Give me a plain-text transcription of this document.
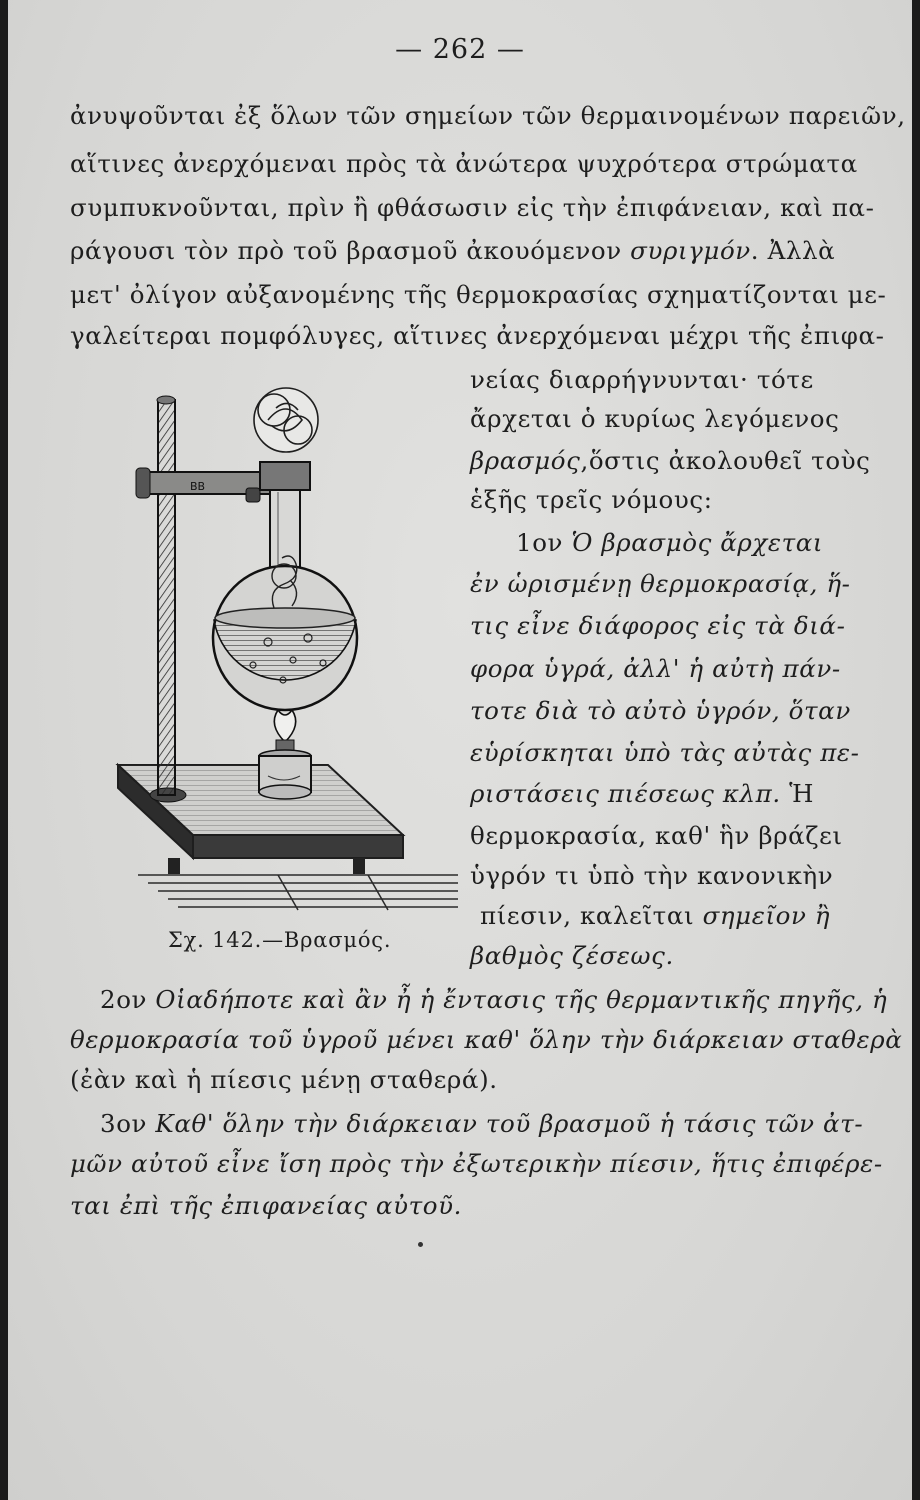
— 262 —
ἀνυψοῦνται ἐξ ὅλων τῶν σημείων τῶν θερμαινομένων παρειῶν,
αἵτινες ἀνερχόμεναι πρὸς τὰ ἀνώτερα ψυχρότερα στρώματα
συμπυκνοῦνται, πρὶν ἢ φθάσωσιν εἰς τὴν ἐπιφάνειαν, καὶ πα-
ράγουσι τὸν πρὸ τοῦ βρασμοῦ ἀκουόμενον συριγμόν. Ἀλλὰ
μετ' ὀλίγον αὐξανομένης τῆς θερμοκρασίας σχηματίζονται με-
γαλείτεραι πομφόλυγες, αἵτινες ἀνερχόμεναι μέχρι τῆς ἐπιφα-
νείας διαρρήγνυνται· τότε
ἄρχεται ὁ κυρίως λεγόμενος
βρασμός,ὅστις ἀκολουθεῖ τοὺς
ἑξῆς τρεῖς νόμους:
1ον Ὁ βρασμὸς ἄρχεται
ἐν ὡρισμένῃ θερμοκρασίᾳ, ἥ-
τις εἶνε διάφορος εἰς τὰ διά-
φορα ὑγρά, ἀλλ' ἡ αὐτὴ πάν-
τοτε διὰ τὸ αὐτὸ ὑγρόν, ὅταν
εὑρίσκηται ὑπὸ τὰς αὐτὰς πε-
ριστάσεις πιέσεως κλπ. Ἡ
θερμοκρασία, καθ' ἣν βράζει
ὑγρόν τι ὑπὸ τὴν κανονικὴν
πίεσιν, καλεῖται σημεῖον ἢ
βαθμὸς ζέσεως.
BB
Σχ. 142.—Βρασμός.
2ον Οἱαδήποτε καὶ ἂν ἦ ἡ ἔντασις τῆς θερμαντικῆς πηγῆς, ἡ
θερμοκρασία τοῦ ὑγροῦ μένει καθ' ὅλην τὴν διάρκειαν σταθερὰ
(ἐὰν καὶ ἡ πίεσις μένῃ σταθερά).
3ον Καθ' ὅλην τὴν διάρκειαν τοῦ βρασμοῦ ἡ τάσις τῶν ἀτ-
μῶν αὐτοῦ εἶνε ἴση πρὸς τὴν ἐξωτερικὴν πίεσιν, ἥτις ἐπιφέρε-
ται ἐπὶ τῆς ἐπιφανείας αὐτοῦ.
